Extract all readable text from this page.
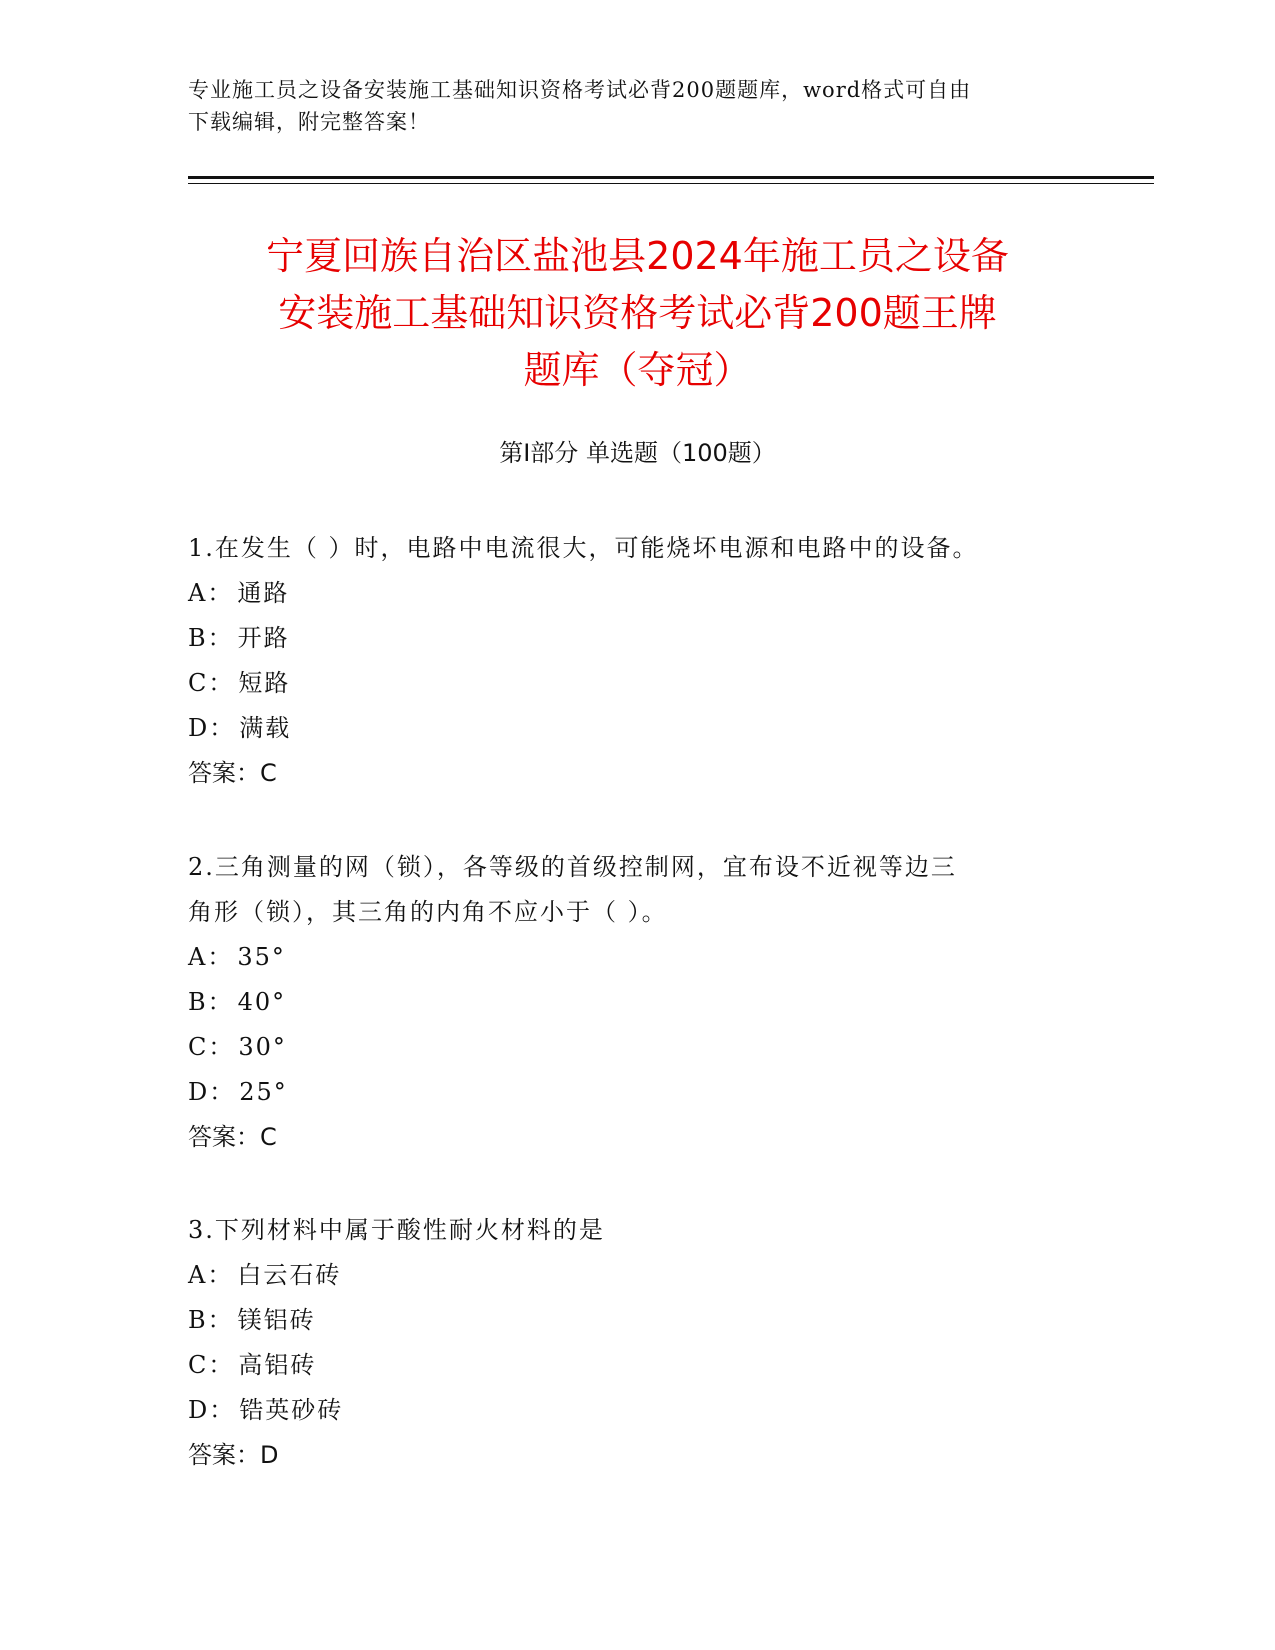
专业施工员之设备安装施工基础知识资格考试必背200题题库，word格式可自由
下载编辑，附完整答案！
宁夏回族自治区盐池县2024年施工员之设备
安装施工基础知识资格考试必背200题王牌
题库（夺冠）
第Ⅰ部分 单选题（100题）
1.在发生（ ）时，电路中电流很大，可能烧坏电源和电路中的设备。
A： 通路
B： 开路
C： 短路
D： 满载
答案：C
2.三角测量的网（锁），各等级的首级控制网，宜布设不近视等边三
角形（锁），其三角的内角不应小于（ ）。
A： 35°
B： 40°
C： 30°
D： 25°
答案：C
3.下列材料中属于酸性耐火材料的是
A： 白云石砖
B： 镁铝砖
C： 高铝砖
D： 锆英砂砖
答案：D
